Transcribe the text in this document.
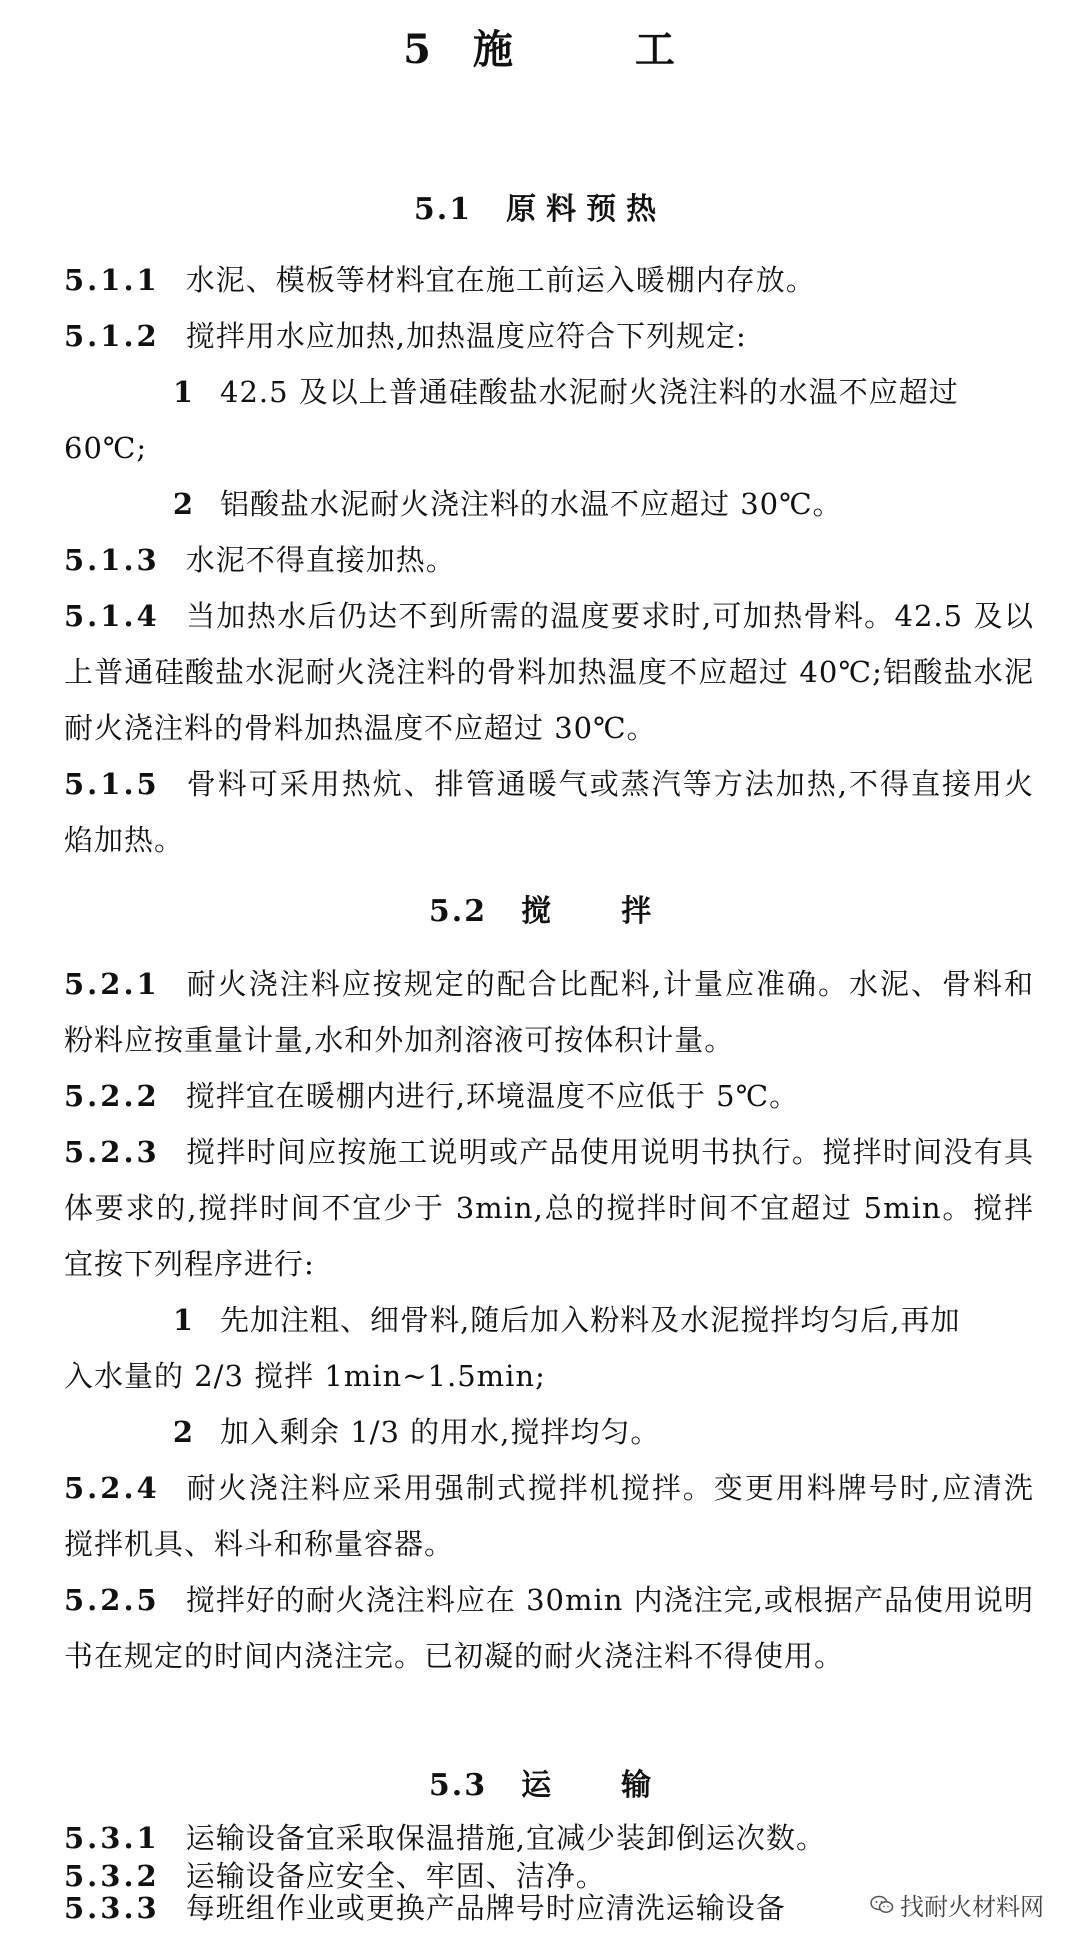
5 施	工
5.1 原料预热
5.1.1 水泥、模板等材料宜在施工前运入暖棚内存放。
5.1.2 搅拌用水应加热,加热温度应符合下列规定:
1 42.5 及以上普通硅酸盐水泥耐火浇注料的水温不应超过
60℃;
2 铝酸盐水泥耐火浇注料的水温不应超过 30℃。
5.1.3 水泥不得直接加热。
5.1.4 当加热水后仍达不到所需的温度要求时,可加热骨料。42.5 及以上普通硅酸盐水泥耐火浇注料的骨料加热温度不应超过 40℃;铝酸盐水泥耐火浇注料的骨料加热温度不应超过 30℃。
5.1.5 骨料可采用热炕、排管通暖气或蒸汽等方法加热,不得直接用火焰加热。
5.2 搅拌
5.2.1 耐火浇注料应按规定的配合比配料,计量应准确。水泥、骨料和粉料应按重量计量,水和外加剂溶液可按体积计量。
5.2.2 搅拌宜在暖棚内进行,环境温度不应低于 5℃。
5.2.3 搅拌时间应按施工说明或产品使用说明书执行。搅拌时间没有具体要求的,搅拌时间不宜少于 3min,总的搅拌时间不宜超过 5min。搅拌宜按下列程序进行:
1 先加注粗、细骨料,随后加入粉料及水泥搅拌均匀后,再加
入水量的 2/3 搅拌 1min~1.5min;
2 加入剩余 1/3 的用水,搅拌均匀。
5.2.4 耐火浇注料应采用强制式搅拌机搅拌。变更用料牌号时,应清洗搅拌机具、料斗和称量容器。
5.2.5 搅拌好的耐火浇注料应在 30min 内浇注完,或根据产品使用说明书在规定的时间内浇注完。已初凝的耐火浇注料不得使用。
5.3 运输
5.3.1 运输设备宜采取保温措施,宜减少装卸倒运次数。
5.3.2 运输设备应安全、牢固、洁净。
5.3.3 每班组作业或更换产品牌号时应清洗运输设备	找耐火材料网
